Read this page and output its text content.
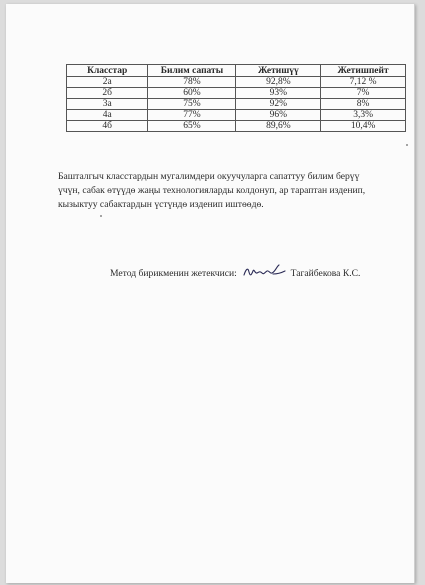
Класстар	Билим сапаты	Жетишүү	Жетишпейт
2а	78%	92,8%	7,12 %
2б	60%	93%	7%
3а	75%	92%	8%
4а	77%	96%	3,3%
4б	65%	89,6%	10,4%
Башталгыч класстардын мугалимдери окуучуларга сапаттуу билим берүү
үчүн, сабак өтүүдө жаңы технологияларды колдонуп, ар тараптан изденип,
кызыктуу сабактардын үстүндө изденип иштөөдө.
Метод бирикменин жетекчиси:	Тагайбекова К.С.
